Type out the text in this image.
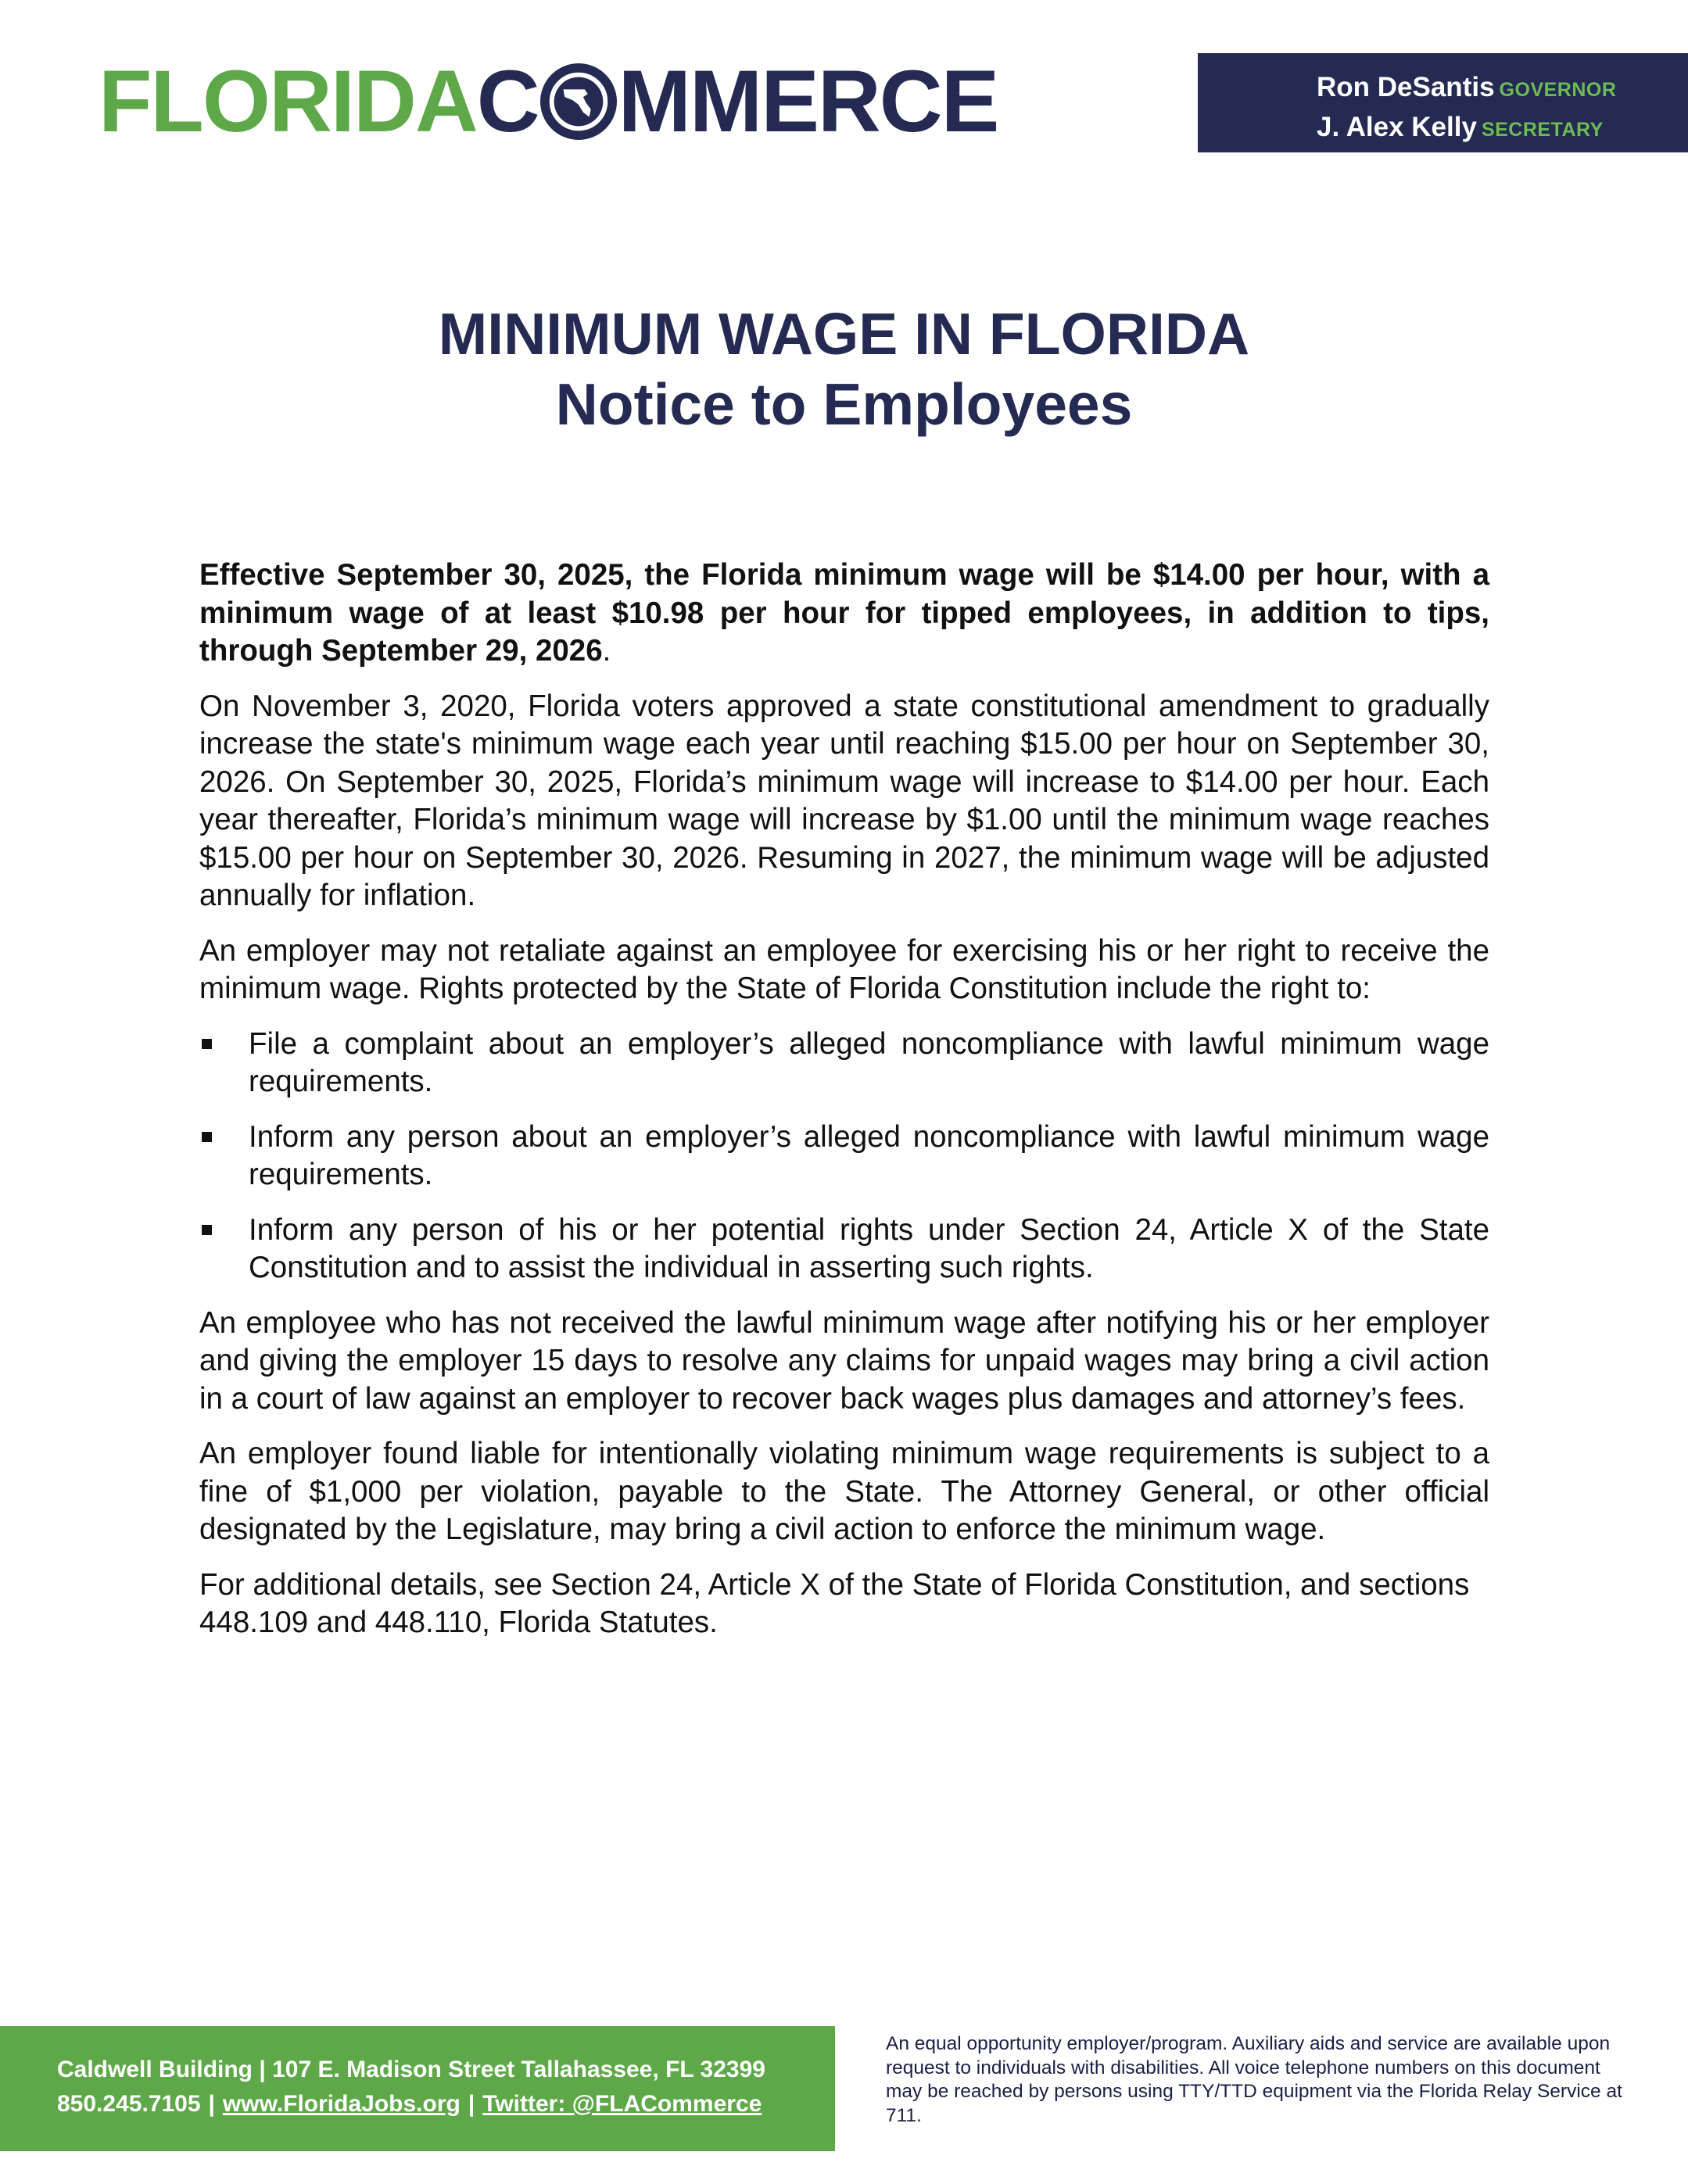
FLORIDA C MMERCE	Ron DeSantis GOVERNOR
J. Alex Kelly SECRETARY
MINIMUM WAGE IN FLORIDA
Notice to Employees

Effective September 30, 2025, the Florida minimum wage will be $14.00 per hour, with a minimum wage of at least $10.98 per hour for tipped employees, in addition to tips, through September 29, 2026.

On November 3, 2020, Florida voters approved a state constitutional amendment to gradually increase the state's minimum wage each year until reaching $15.00 per hour on September 30, 2026. On September 30, 2025, Florida’s minimum wage will increase to $14.00 per hour. Each year thereafter, Florida’s minimum wage will increase by $1.00 until the minimum wage reaches $15.00 per hour on September 30, 2026. Resuming in 2027, the minimum wage will be adjusted annually for inflation.

An employer may not retaliate against an employee for exercising his or her right to receive the minimum wage. Rights protected by the State of Florida Constitution include the right to:

File a complaint about an employer’s alleged noncompliance with lawful minimum wage requirements.
Inform any person about an employer’s alleged noncompliance with lawful minimum wage requirements.
Inform any person of his or her potential rights under Section 24, Article X of the State Constitution and to assist the individual in asserting such rights.

An employee who has not received the lawful minimum wage after notifying his or her employer and giving the employer 15 days to resolve any claims for unpaid wages may bring a civil action in a court of law against an employer to recover back wages plus damages and attorney’s fees.

An employer found liable for intentionally violating minimum wage requirements is subject to a fine of $1,000 per violation, payable to the State. The Attorney General, or other official designated by the Legislature, may bring a civil action to enforce the minimum wage.

For additional details, see Section 24, Article X of the State of Florida Constitution, and sections 448.109 and 448.110, Florida Statutes.

Caldwell Building | 107 E. Madison Street Tallahassee, FL 32399
850.245.7105 | www.FloridaJobs.org | Twitter: @FLACommerce
An equal opportunity employer/program. Auxiliary aids and service are available upon request to individuals with disabilities. All voice telephone numbers on this document may be reached by persons using TTY/TTD equipment via the Florida Relay Service at 711.
